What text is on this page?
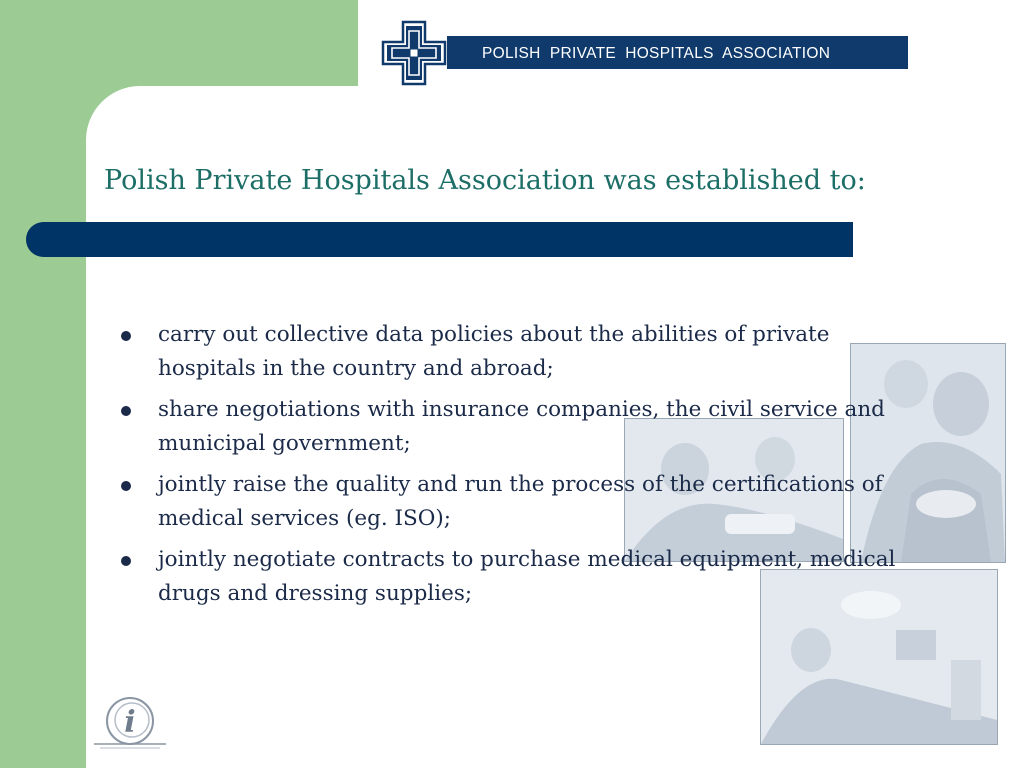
POLISH  PRIVATE  HOSPITALS  ASSOCIATION
Polish Private Hospitals Association was established to:
carry out collective data policies about the abilities of private hospitals in the country and abroad;
share negotiations with insurance companies, the civil service and municipal government;
jointly raise the quality and run the process of the certifications of medical services (eg. ISO);
jointly negotiate contracts to purchase medical equipment, medical drugs and dressing supplies;
i
